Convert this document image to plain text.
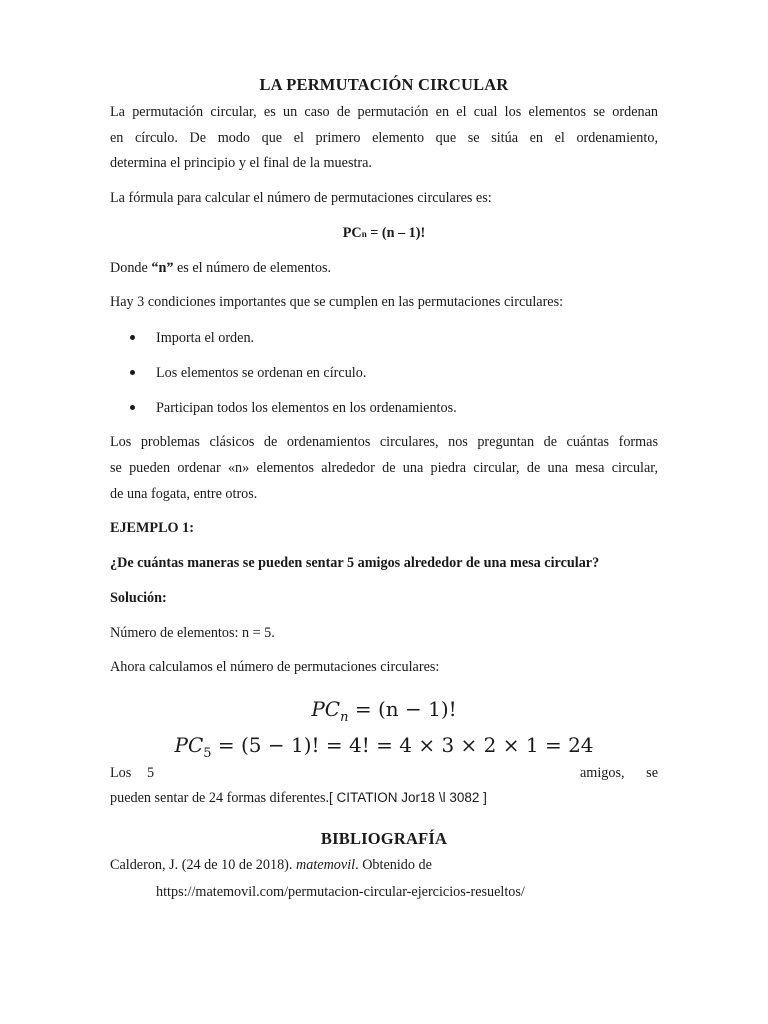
LA PERMUTACIÓN CIRCULAR
La permutación circular, es un caso de permutación en el cual los elementos se ordenan
en círculo. De modo que el primero elemento que se sitúa en el ordenamiento,
determina el principio y el final de la muestra.
La fórmula para calcular el número de permutaciones circulares es:
PCn = (n – 1)!
Donde “n” es el número de elementos.
Hay 3 condiciones importantes que se cumplen en las permutaciones circulares:
Importa el orden.
Los elementos se ordenan en círculo.
Participan todos los elementos en los ordenamientos.
Los problemas clásicos de ordenamientos circulares, nos preguntan de cuántas formas
se pueden ordenar «n» elementos alrededor de una piedra circular, de una mesa circular,
de una fogata, entre otros.
EJEMPLO 1:
¿De cuántas maneras se pueden sentar 5 amigos alrededor de una mesa circular?
Solución:
Número de elementos: n = 5.
Ahora calculamos el número de permutaciones circulares:
$PC_n = (n - 1)$!
$PC_5 = (5 - 1)$! = 4! = 4 × 3 × 2 × 1 = 24
Los 5	amigos, se
pueden sentar de 24 formas diferentes.[ CITATION Jor18 \l 3082 ]
BIBLIOGRAFÍA
Calderon, J. (24 de 10 de 2018). matemovil. Obtenido de
https://matemovil.com/permutacion-circular-ejercicios-resueltos/
